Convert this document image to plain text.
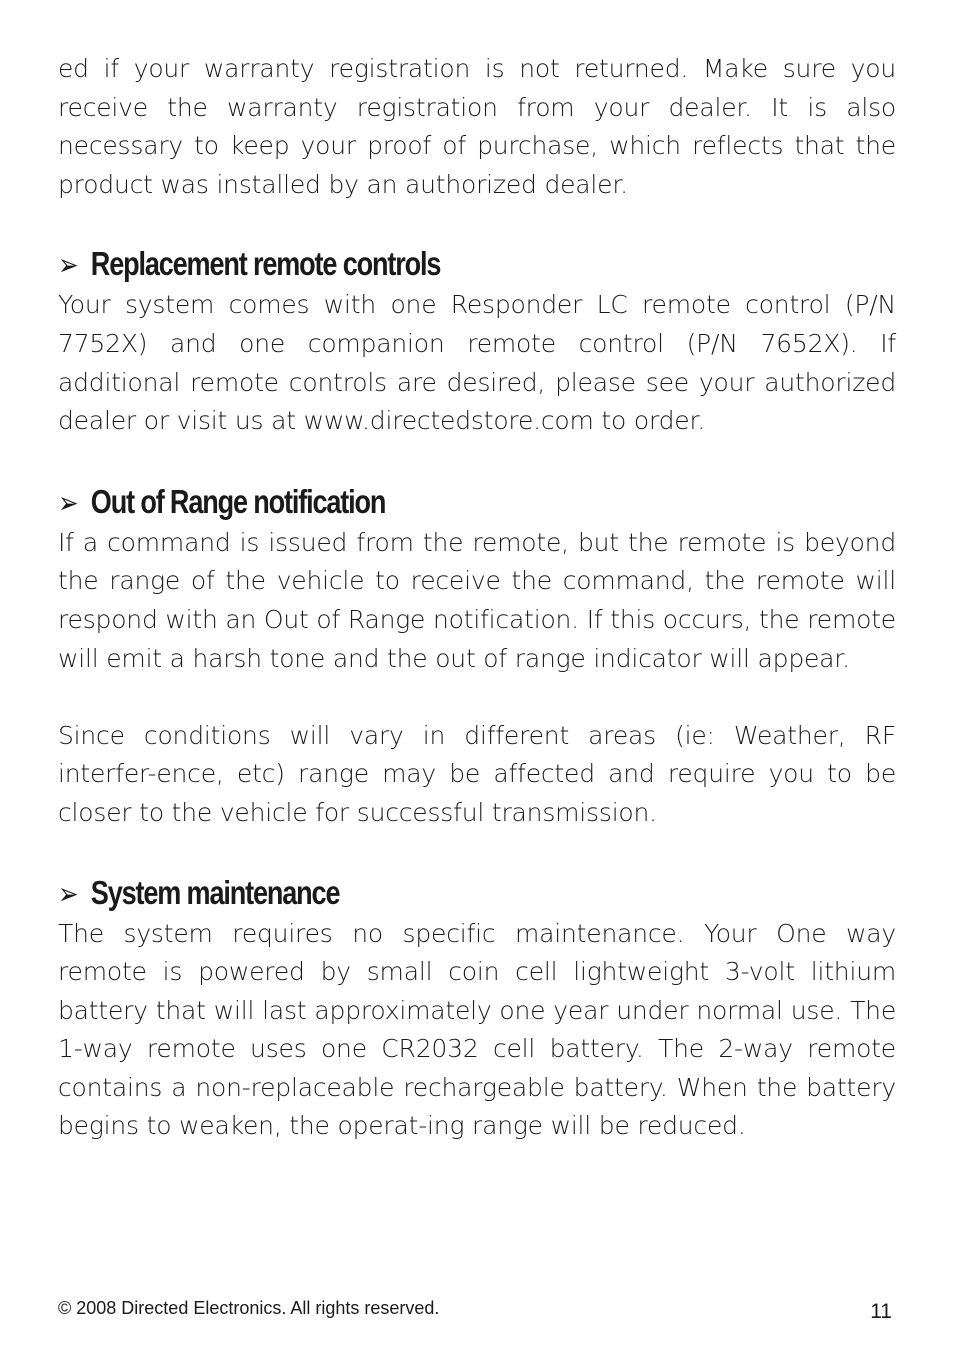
ed if your warranty registration is not returned. Make sure you receive the warranty registration from your dealer. It is also necessary to keep your proof of purchase, which reflects that the product was installed by an authorized dealer.

➢ Replacement remote controls

Your system comes with one Responder LC remote control (P/N 7752X) and one companion remote control (P/N 7652X). If additional remote controls are desired, please see your authorized dealer or visit us at www.directedstore.com to order.

➢ Out of Range notification

If a command is issued from the remote, but the remote is beyond the range of the vehicle to receive the command, the remote will respond with an Out of Range notification. If this occurs, the remote will emit a harsh tone and the out of range indicator will appear.

Since conditions will vary in different areas (ie: Weather, RF interfer-ence, etc) range may be affected and require you to be closer to the vehicle for successful transmission.

➢ System maintenance

The system requires no specific maintenance. Your One way remote is powered by small coin cell lightweight 3-volt lithium battery that will last approximately one year under normal use. The 1-way remote uses one CR2032 cell battery. The 2-way remote contains a non-replaceable rechargeable battery. When the battery begins to weaken, the operat-ing range will be reduced.

© 2008 Directed Electronics. All rights reserved.	11
